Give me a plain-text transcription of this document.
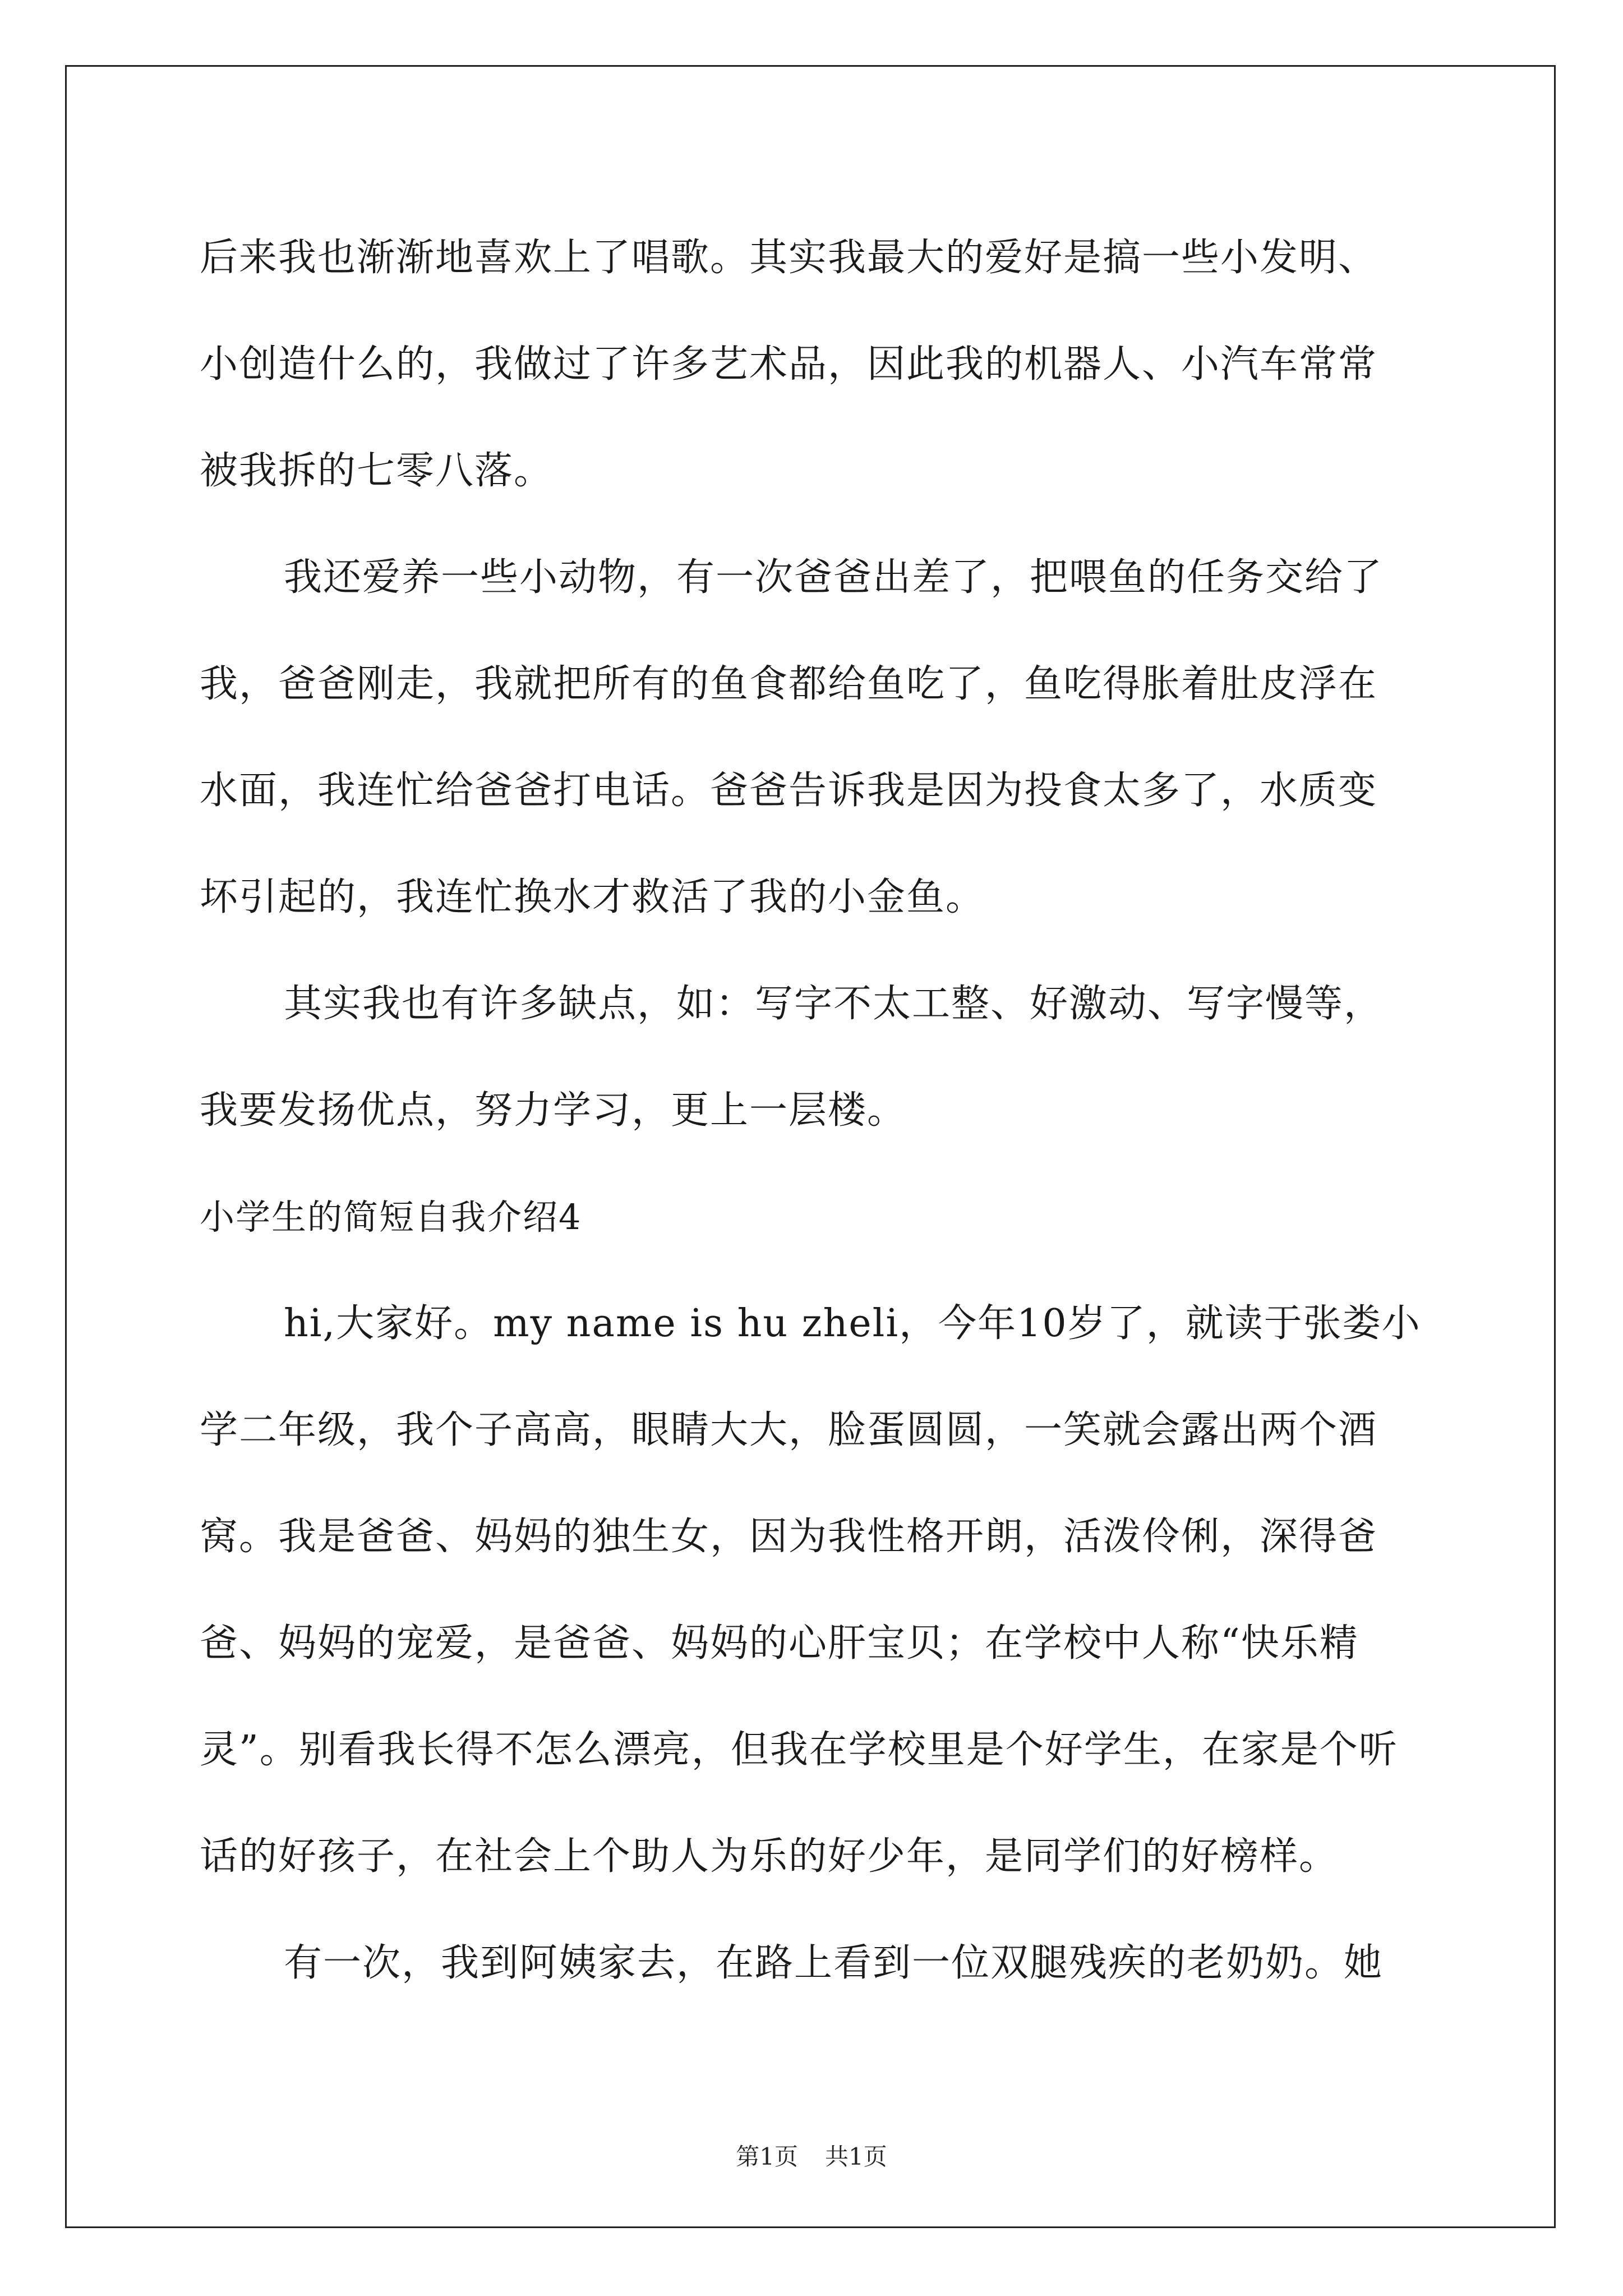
后来我也渐渐地喜欢上了唱歌。其实我最大的爱好是搞一些小发明、
小创造什么的，我做过了许多艺术品，因此我的机器人、小汽车常常
被我拆的七零八落。
我还爱养一些小动物，有一次爸爸出差了，把喂鱼的任务交给了
我，爸爸刚走，我就把所有的鱼食都给鱼吃了，鱼吃得胀着肚皮浮在
水面，我连忙给爸爸打电话。爸爸告诉我是因为投食太多了，水质变
坏引起的，我连忙换水才救活了我的小金鱼。
其实我也有许多缺点，如：写字不太工整、好激动、写字慢等，
我要发扬优点，努力学习，更上一层楼。
小学生的简短自我介绍4
hi,大家好。my name is hu zheli，今年10岁了，就读于张娄小
学二年级，我个子高高，眼睛大大，脸蛋圆圆，一笑就会露出两个酒
窝。我是爸爸、妈妈的独生女，因为我性格开朗，活泼伶俐，深得爸
爸、妈妈的宠爱，是爸爸、妈妈的心肝宝贝；在学校中人称“快乐精
灵”。别看我长得不怎么漂亮，但我在学校里是个好学生，在家是个听
话的好孩子，在社会上个助人为乐的好少年，是同学们的好榜样。
有一次，我到阿姨家去，在路上看到一位双腿残疾的老奶奶。她
第1页 共1页
